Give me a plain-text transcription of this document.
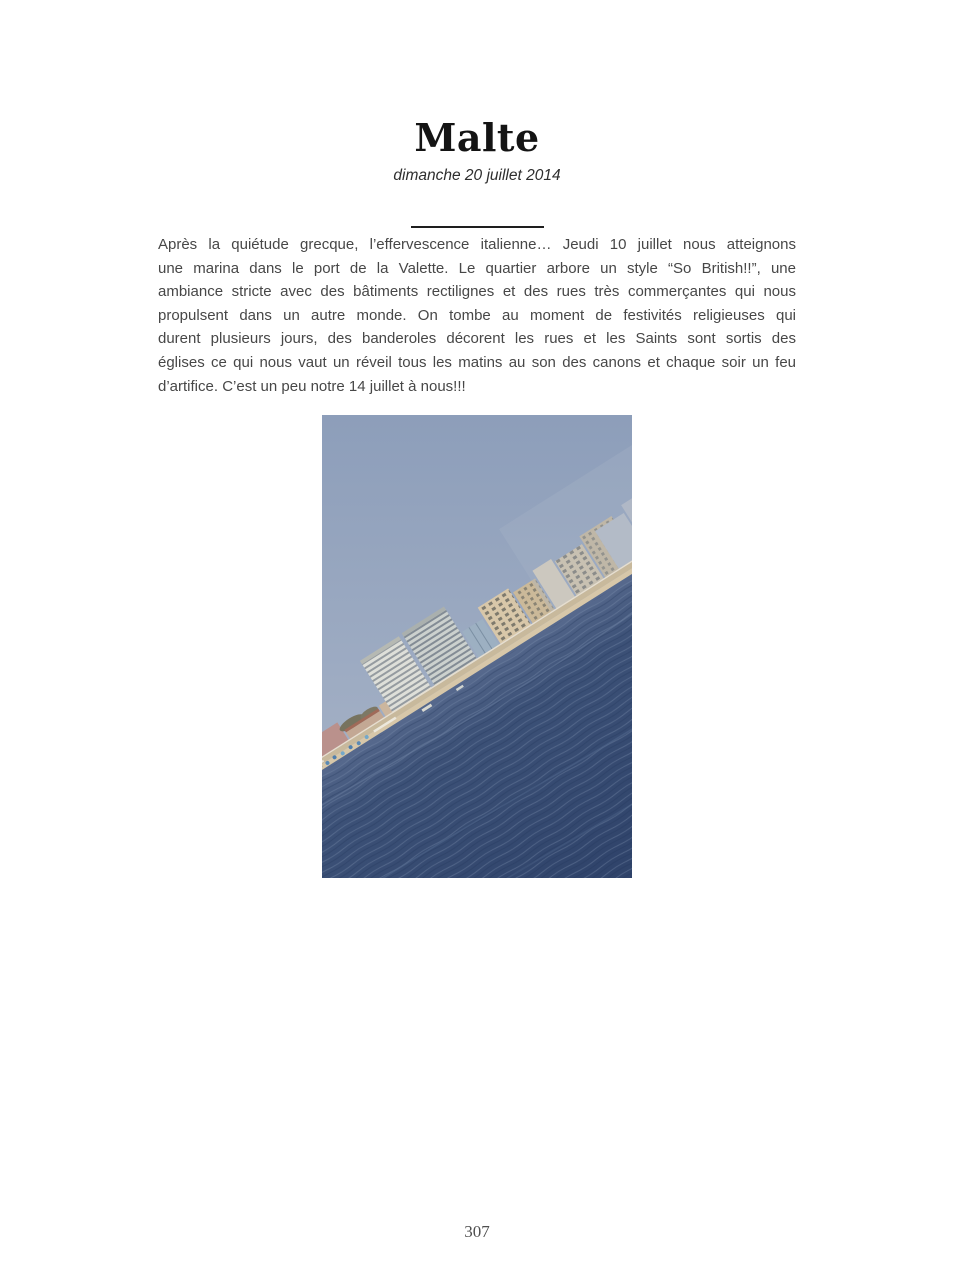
Malte
dimanche 20 juillet 2014
Après la quiétude grecque, l’effervescence italienne… Jeudi 10 juillet nous atteignons
une marina dans le port de la Valette. Le quartier arbore un style “So British!!”, une
ambiance stricte avec des bâtiments rectilignes et des rues très commerçantes qui nous
propulsent dans un autre monde. On tombe au moment de festivités religieuses qui
durent plusieurs jours, des banderoles décorent les rues et les Saints sont sortis des
églises ce qui nous vaut un réveil tous les matins au son des canons et chaque soir un feu
d’artifice. C’est un peu notre 14 juillet à nous!!!
307
